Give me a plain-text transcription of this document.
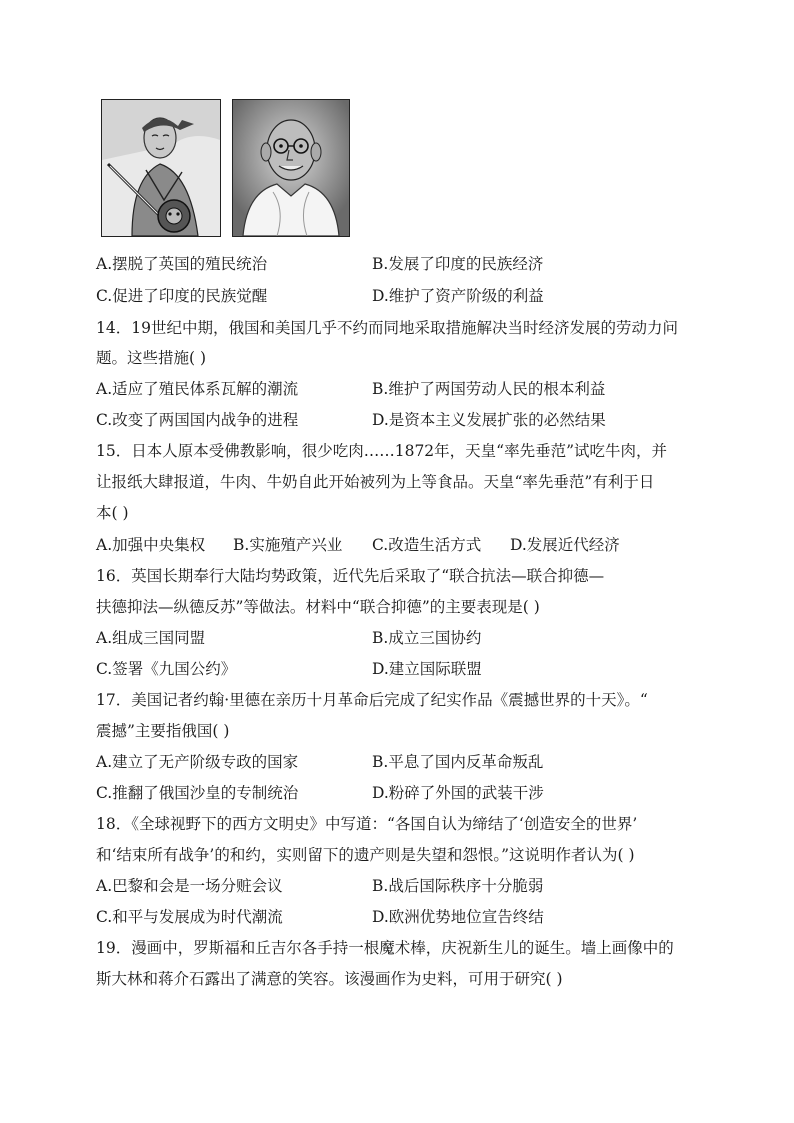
A.摆脱了英国的殖民统治	B.发展了印度的民族经济
C.促进了印度的民族觉醒	D.维护了资产阶级的利益
14．19世纪中期，俄国和美国几乎不约而同地采取措施解决当时经济发展的劳动力问
题。这些措施( )
A.适应了殖民体系瓦解的潮流	B.维护了两国劳动人民的根本利益
C.改变了两国国内战争的进程	D.是资本主义发展扩张的必然结果
15．日本人原本受佛教影响，很少吃肉……1872年，天皇“率先垂范”试吃牛肉，并
让报纸大肆报道，牛肉、牛奶自此开始被列为上等食品。天皇“率先垂范”有利于日
本( )
A.加强中央集权 B.实施殖产兴业 C.改造生活方式 D.发展近代经济
16．英国长期奉行大陆均势政策，近代先后采取了“联合抗法—联合抑德—
扶德抑法—纵德反苏”等做法。材料中“联合抑德”的主要表现是( )
A.组成三国同盟	B.成立三国协约
C.签署《九国公约》	D.建立国际联盟
17．美国记者约翰·里德在亲历十月革命后完成了纪实作品《震撼世界的十天》。“
震撼”主要指俄国( )
A.建立了无产阶级专政的国家	B.平息了国内反革命叛乱
C.推翻了俄国沙皇的专制统治	D.粉碎了外国的武装干涉
18．《全球视野下的西方文明史》中写道：“各国自认为缔结了‘创造安全的世界’
和‘结束所有战争’的和约，实则留下的遗产则是失望和怨恨。”这说明作者认为( )
A.巴黎和会是一场分赃会议	B.战后国际秩序十分脆弱
C.和平与发展成为时代潮流	D.欧洲优势地位宣告终结
19．漫画中，罗斯福和丘吉尔各手持一根魔术棒，庆祝新生儿的诞生。墙上画像中的
斯大林和蒋介石露出了满意的笑容。该漫画作为史料，可用于研究( )
